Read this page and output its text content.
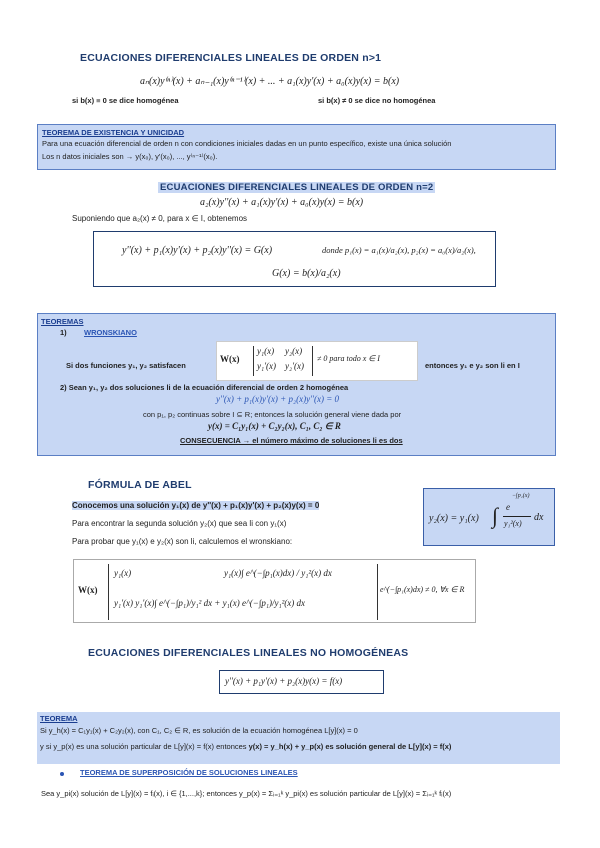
ECUACIONES DIFERENCIALES LINEALES DE ORDEN n>1
aₙ(x)y⁽ⁿ⁾(x) + aₙ₋₁(x)y⁽ⁿ⁻¹⁾(x) + ... + a₁(x)y'(x) + a₀(x)y(x) = b(x)
si b(x) ≡ 0 se dice homogénea	si b(x) ≠ 0 se dice no homogénea
TEOREMA DE EXISTENCIA Y UNICIDAD
Para una ecuación diferencial de orden n con condiciones iniciales dadas en un punto específico, existe una única solución
Los n datos iniciales son → y(x₀), y'(x₀), ..., y⁽ⁿ⁻¹⁾(x₀).
ECUACIONES DIFERENCIALES LINEALES DE ORDEN n=2
a₂(x)y''(x) + a₁(x)y'(x) + a₀(x)y(x) = b(x)
Suponiendo que a₂(x) ≠ 0, para x ∈ I, obtenemos
y''(x) + p₁(x)y'(x) + p₂(x)y''(x) = G(x)	donde p₁(x) = a₁(x)/a₂(x), p₂(x) = a₀(x)/a₂(x),
G(x) = b(x)/a₂(x)
TEOREMAS
1) WRONSKIANO
Si dos funciones y₁, y₂ satisfacen
W(x)
y₁(x) y₂(x)
y₁'(x) y₂'(x)
≠ 0 para todo x ∈ I
entonces y₁ e y₂ son li en I
2) Sean y₁, y₂ dos soluciones li de la ecuación diferencial de orden 2 homogénea
y''(x) + p₁(x)y'(x) + p₂(x)y''(x) = 0
con p₁, p₂ continuas sobre I ⊆ R; entonces la solución general viene dada por
y(x) = C₁y₁(x) + C₂y₂(x), C₁, C₂ ∈ R
CONSECUENCIA → el número máximo de soluciones li es dos
FÓRMULA DE ABEL
Conocemos una solución y₁(x) de y''(x) + p₁(x)y'(x) + p₂(x)y(x) = 0
Para encontrar la segunda solución y₂(x) que sea li con y₁(x)
Para probar que y₁(x) e y₂(x) son li, calculemos el wronskiano:
y₂(x) = y₁(x) ∫
−∫p₁(x)
e
y₁²(x)
dx
W(x)
y₁(x)	y₁(x)∫ e^(−∫p₁(x)dx) / y₁²(x) dx
y₁'(x) y₁'(x)∫ e^(−∫p₁)/y₁² dx + y₁(x) e^(−∫p₁)/y₁²(x) dx
e^(−∫p₁(x)dx) ≠ 0, ∀x ∈ R
ECUACIONES DIFERENCIALES LINEALES NO HOMOGÉNEAS
y''(x) + p₁y'(x) + p₂(x)y(x) = f(x)
TEOREMA
Si y_h(x) = C₁y₁(x) + C₂y₂(x), con C₁, C₂ ∈ R, es solución de la ecuación homogénea L[y](x) = 0
y si y_p(x) es una solución particular de L[y](x) = f(x) entonces y(x) = y_h(x) + y_p(x) es solución general de L[y](x) = f(x)
TEOREMA DE SUPERPOSICIÓN DE SOLUCIONES LINEALES
Sea y_pi(x) solución de L[y](x) = fᵢ(x), i ∈ {1,...,k}; entonces y_p(x) = Σᵢ₌₁ᵏ y_pi(x) es solución particular de L[y](x) = Σᵢ₌₁ᵏ fᵢ(x)
